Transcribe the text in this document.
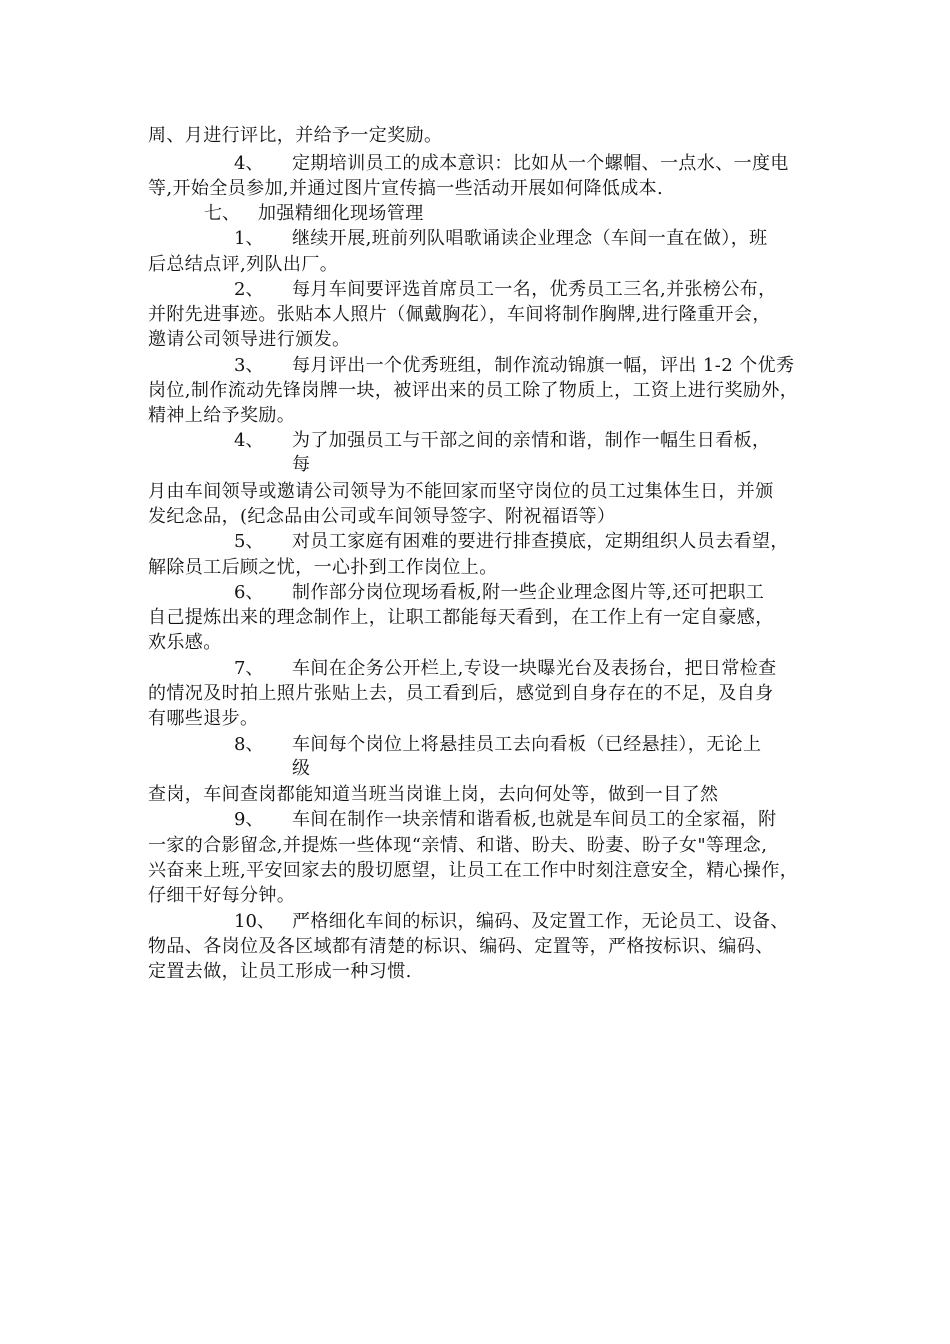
周、月进行评比，并给予一定奖励。
4、 定期培训员工的成本意识：比如从一个螺帽、一点水、一度电
等,开始全员参加,并通过图片宣传搞一些活动开展如何降低成本.
七、 加强精细化现场管理
1、 继续开展,班前列队唱歌诵读企业理念（车间一直在做），班
后总结点评,列队出厂。
2、 每月车间要评选首席员工一名，优秀员工三名,并张榜公布，
并附先进事迹。张贴本人照片（佩戴胸花），车间将制作胸牌,进行隆重开会，
邀请公司领导进行颁发。
3、 每月评出一个优秀班组，制作流动锦旗一幅，评出 1-2 个优秀
岗位,制作流动先锋岗牌一块，被评出来的员工除了物质上，工资上进行奖励外，
精神上给予奖励。
4、 为了加强员工与干部之间的亲情和谐，制作一幅生日看板，
每
月由车间领导或邀请公司领导为不能回家而坚守岗位的员工过集体生日，并颁
发纪念品，(纪念品由公司或车间领导签字、附祝福语等）
5、 对员工家庭有困难的要进行排查摸底，定期组织人员去看望，
解除员工后顾之忧，一心扑到工作岗位上。
6、 制作部分岗位现场看板,附一些企业理念图片等,还可把职工
自己提炼出来的理念制作上，让职工都能每天看到，在工作上有一定自豪感，
欢乐感。
7、 车间在企务公开栏上,专设一块曝光台及表扬台，把日常检查
的情况及时拍上照片张贴上去，员工看到后，感觉到自身存在的不足，及自身
有哪些退步。
8、 车间每个岗位上将悬挂员工去向看板（已经悬挂），无论上
级
查岗，车间查岗都能知道当班当岗谁上岗，去向何处等，做到一目了然
9、 车间在制作一块亲情和谐看板,也就是车间员工的全家福，附
一家的合影留念,并提炼一些体现“亲情、和谐、盼夫、盼妻、盼子女"等理念,
兴奋来上班,平安回家去的殷切愿望，让员工在工作中时刻注意安全，精心操作，
仔细干好每分钟。
10、 严格细化车间的标识，编码、及定置工作，无论员工、设备、
物品、各岗位及各区域都有清楚的标识、编码、定置等，严格按标识、编码、
定置去做，让员工形成一种习惯.
